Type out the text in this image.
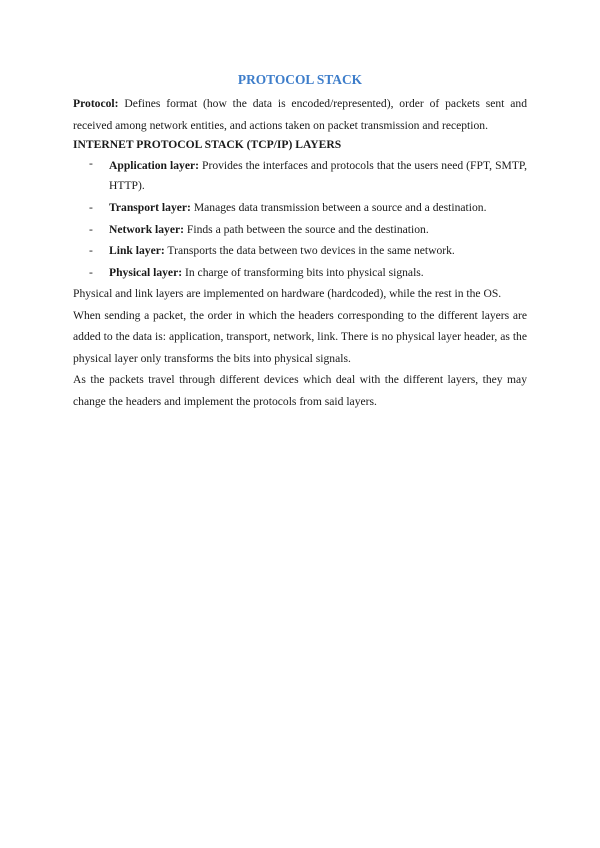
PROTOCOL STACK

Protocol: Defines format (how the data is encoded/represented), order of packets sent and received among network entities, and actions taken on packet transmission and reception.

INTERNET PROTOCOL STACK (TCP/IP) LAYERS
- Application layer: Provides the interfaces and protocols that the users need (FPT, SMTP, HTTP).
- Transport layer: Manages data transmission between a source and a destination.
- Network layer: Finds a path between the source and the destination.
- Link layer: Transports the data between two devices in the same network.
- Physical layer: In charge of transforming bits into physical signals.

Physical and link layers are implemented on hardware (hardcoded), while the rest in the OS.

When sending a packet, the order in which the headers corresponding to the different layers are added to the data is: application, transport, network, link. There is no physical layer header, as the physical layer only transforms the bits into physical signals.

As the packets travel through different devices which deal with the different layers, they may change the headers and implement the protocols from said layers.
